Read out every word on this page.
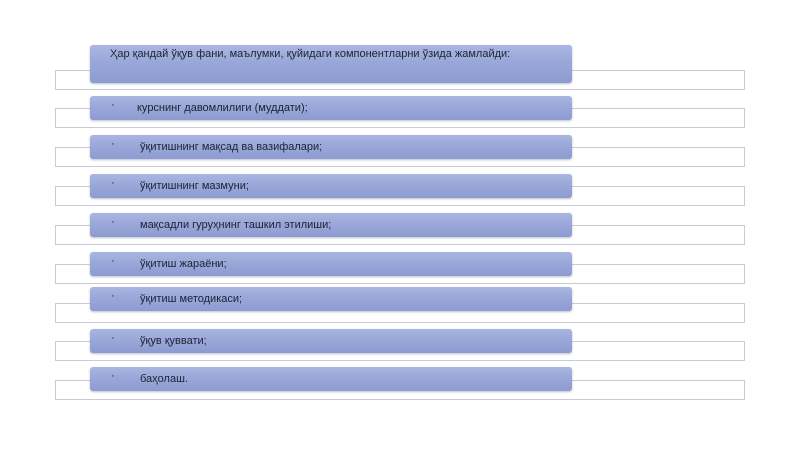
Ҳар қандай ўқув фани, маълумки, қуйидаги компонентларни ўзида жамлайди:
· курснинг давомлилиги (муддати);
· ўқитишнинг мақсад ва вазифалари;
· ўқитишнинг мазмуни;
· мақсадли гуруҳнинг ташкил этилиши;
· ўқитиш жараёни;
· ўқитиш методикаси;
· ўқув қуввати;
· баҳолаш.
